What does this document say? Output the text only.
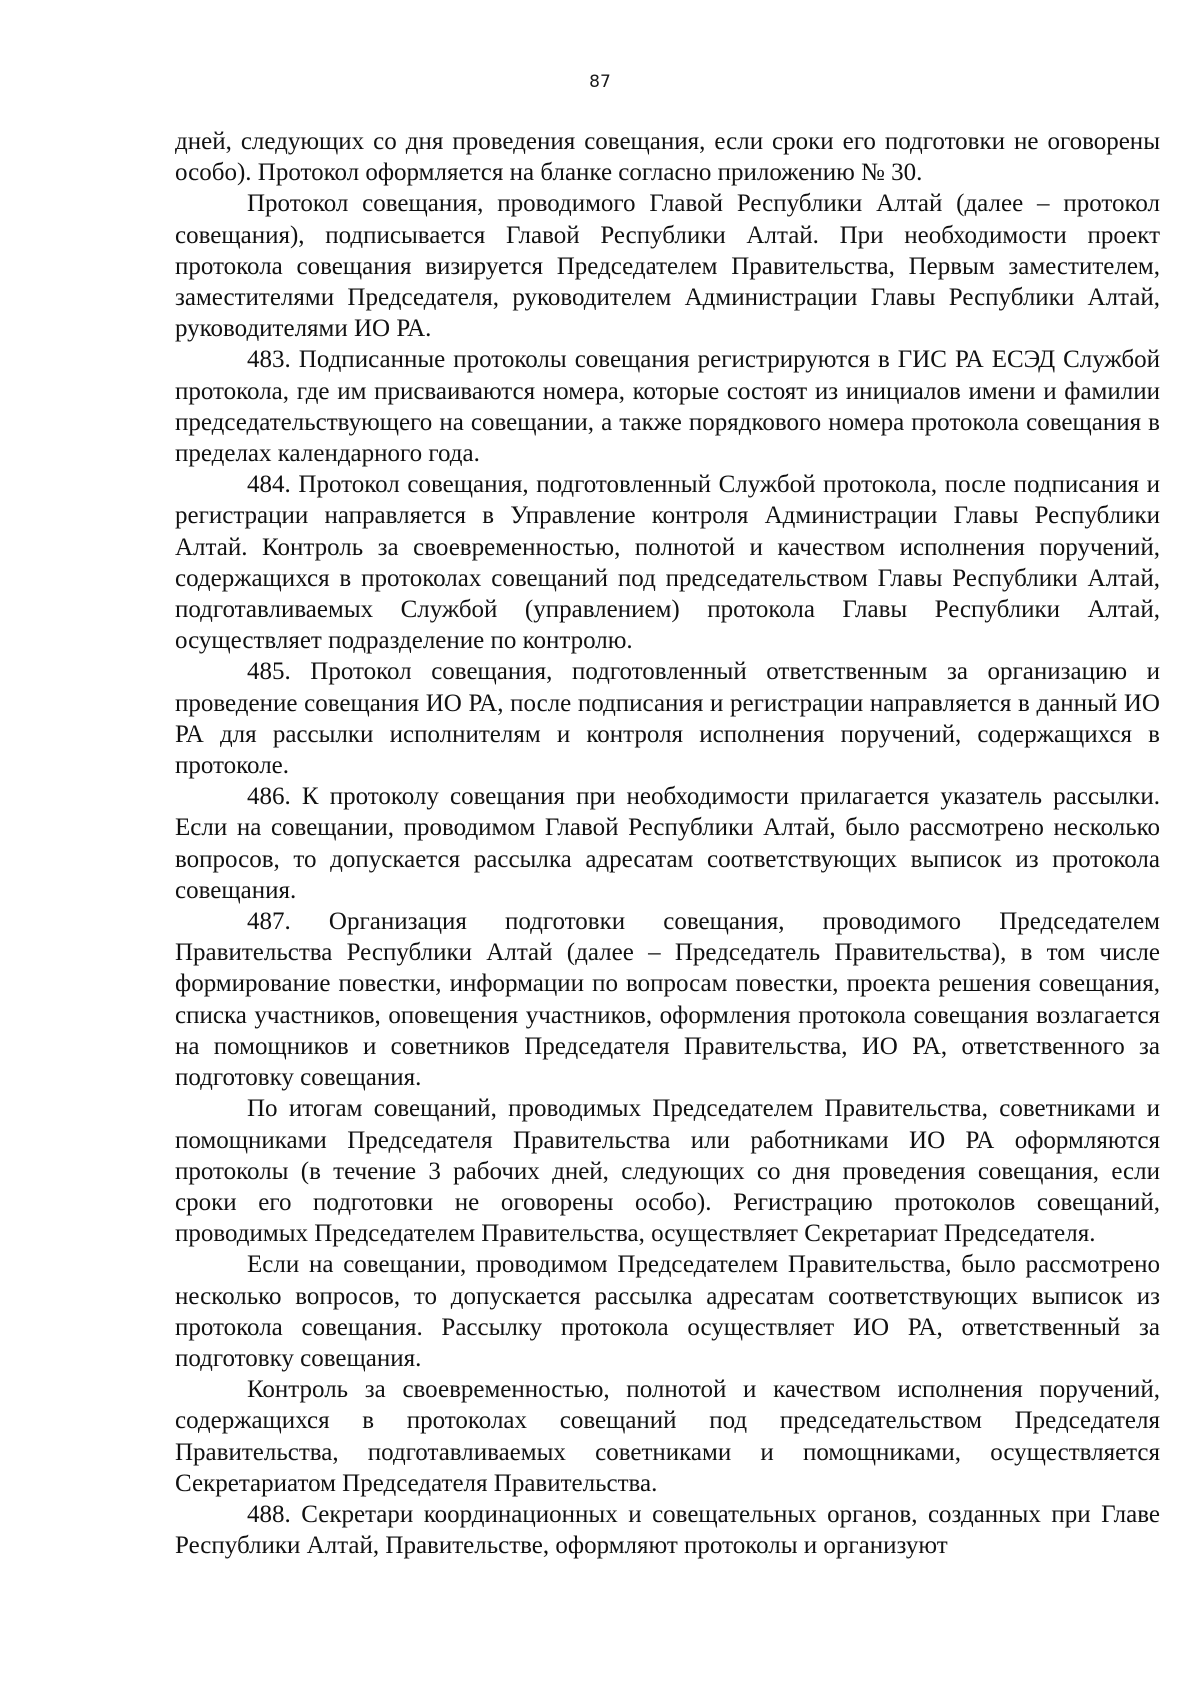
87

дней, следующих со дня проведения совещания, если сроки его подготовки не оговорены особо). Протокол оформляется на бланке согласно приложению № 30.

Протокол совещания, проводимого Главой Республики Алтай (далее – протокол совещания), подписывается Главой Республики Алтай. При необходимости проект протокола совещания визируется Председателем Правительства, Первым заместителем, заместителями Председателя, руководителем Администрации Главы Республики Алтай, руководителями ИО РА.

483. Подписанные протоколы совещания регистрируются в ГИС РА ЕСЭД Службой протокола, где им присваиваются номера, которые состоят из инициалов имени и фамилии председательствующего на совещании, а также порядкового номера протокола совещания в пределах календарного года.

484. Протокол совещания, подготовленный Службой протокола, после подписания и регистрации направляется в Управление контроля Администрации Главы Республики Алтай. Контроль за своевременностью, полнотой и качеством исполнения поручений, содержащихся в протоколах совещаний под председательством Главы Республики Алтай, подготавливаемых Службой (управлением) протокола Главы Республики Алтай, осуществляет подразделение по контролю.

485. Протокол совещания, подготовленный ответственным за организацию и проведение совещания ИО РА, после подписания и регистрации направляется в данный ИО РА для рассылки исполнителям и контроля исполнения поручений, содержащихся в протоколе.

486. К протоколу совещания при необходимости прилагается указатель рассылки. Если на совещании, проводимом Главой Республики Алтай, было рассмотрено несколько вопросов, то допускается рассылка адресатам соответствующих выписок из протокола совещания.

487. Организация подготовки совещания, проводимого Председателем Правительства Республики Алтай (далее – Председатель Правительства), в том числе формирование повестки, информации по вопросам повестки, проекта решения совещания, списка участников, оповещения участников, оформления протокола совещания возлагается на помощников и советников Председателя Правительства, ИО РА, ответственного за подготовку совещания.

По итогам совещаний, проводимых Председателем Правительства, советниками и помощниками Председателя Правительства или работниками ИО РА оформляются протоколы (в течение 3 рабочих дней, следующих со дня проведения совещания, если сроки его подготовки не оговорены особо). Регистрацию протоколов совещаний, проводимых Председателем Правительства, осуществляет Секретариат Председателя.

Если на совещании, проводимом Председателем Правительства, было рассмотрено несколько вопросов, то допускается рассылка адресатам соответствующих выписок из протокола совещания. Рассылку протокола осуществляет ИО РА, ответственный за подготовку совещания.

Контроль за своевременностью, полнотой и качеством исполнения поручений, содержащихся в протоколах совещаний под председательством Председателя Правительства, подготавливаемых советниками и помощниками, осуществляется Секретариатом Председателя Правительства.

488. Секретари координационных и совещательных органов, созданных при Главе Республики Алтай, Правительстве, оформляют протоколы и организуют
